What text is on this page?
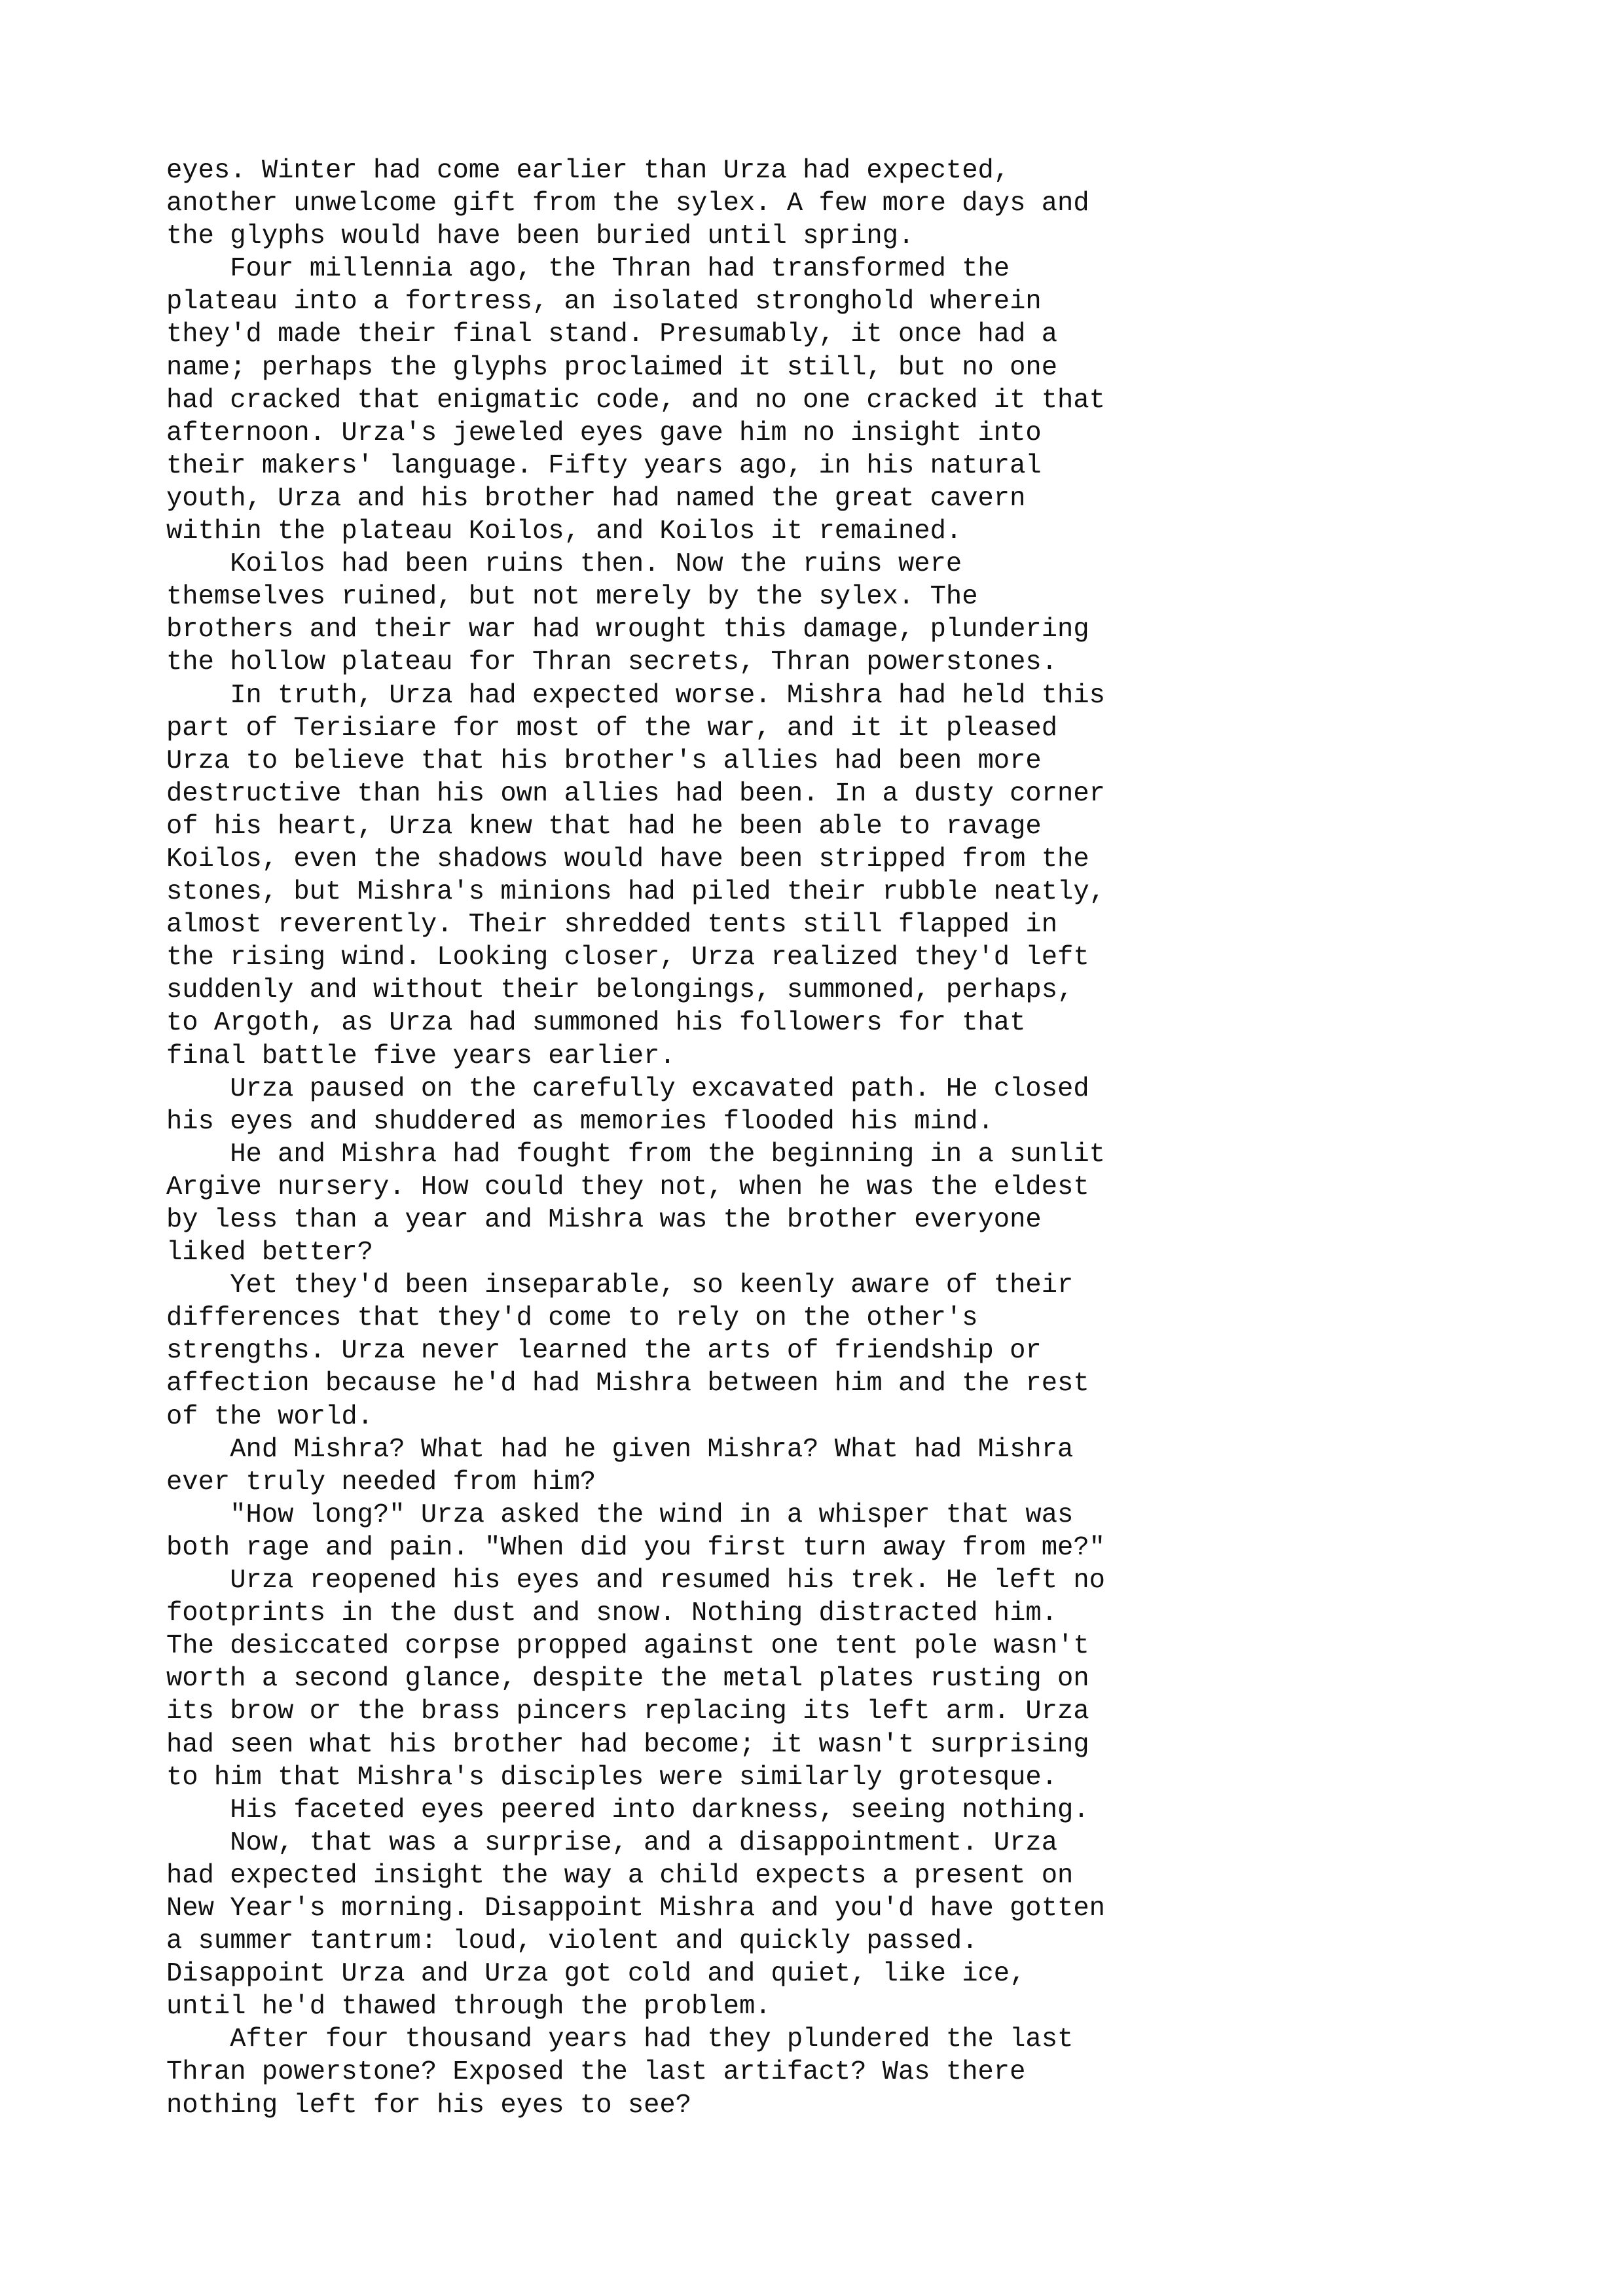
eyes. Winter had come earlier than Urza had expected,
another unwelcome gift from the sylex. A few more days and
the glyphs would have been buried until spring.
Four millennia ago, the Thran had transformed the
plateau into a fortress, an isolated stronghold wherein
they'd made their final stand. Presumably, it once had a
name; perhaps the glyphs proclaimed it still, but no one
had cracked that enigmatic code, and no one cracked it that
afternoon. Urza's jeweled eyes gave him no insight into
their makers' language. Fifty years ago, in his natural
youth, Urza and his brother had named the great cavern
within the plateau Koilos, and Koilos it remained.
Koilos had been ruins then. Now the ruins were
themselves ruined, but not merely by the sylex. The
brothers and their war had wrought this damage, plundering
the hollow plateau for Thran secrets, Thran powerstones.
In truth, Urza had expected worse. Mishra had held this
part of Terisiare for most of the war, and it it pleased
Urza to believe that his brother's allies had been more
destructive than his own allies had been. In a dusty corner
of his heart, Urza knew that had he been able to ravage
Koilos, even the shadows would have been stripped from the
stones, but Mishra's minions had piled their rubble neatly,
almost reverently. Their shredded tents still flapped in
the rising wind. Looking closer, Urza realized they'd left
suddenly and without their belongings, summoned, perhaps,
to Argoth, as Urza had summoned his followers for that
final battle five years earlier.
Urza paused on the carefully excavated path. He closed
his eyes and shuddered as memories flooded his mind.
He and Mishra had fought from the beginning in a sunlit
Argive nursery. How could they not, when he was the eldest
by less than a year and Mishra was the brother everyone
liked better?
Yet they'd been inseparable, so keenly aware of their
differences that they'd come to rely on the other's
strengths. Urza never learned the arts of friendship or
affection because he'd had Mishra between him and the rest
of the world.
And Mishra? What had he given Mishra? What had Mishra
ever truly needed from him?
"How long?" Urza asked the wind in a whisper that was
both rage and pain. "When did you first turn away from me?"
Urza reopened his eyes and resumed his trek. He left no
footprints in the dust and snow. Nothing distracted him.
The desiccated corpse propped against one tent pole wasn't
worth a second glance, despite the metal plates rusting on
its brow or the brass pincers replacing its left arm. Urza
had seen what his brother had become; it wasn't surprising
to him that Mishra's disciples were similarly grotesque.
His faceted eyes peered into darkness, seeing nothing.
Now, that was a surprise, and a disappointment. Urza
had expected insight the way a child expects a present on
New Year's morning. Disappoint Mishra and you'd have gotten
a summer tantrum: loud, violent and quickly passed.
Disappoint Urza and Urza got cold and quiet, like ice,
until he'd thawed through the problem.
After four thousand years had they plundered the last
Thran powerstone? Exposed the last artifact? Was there
nothing left for his eyes to see?
